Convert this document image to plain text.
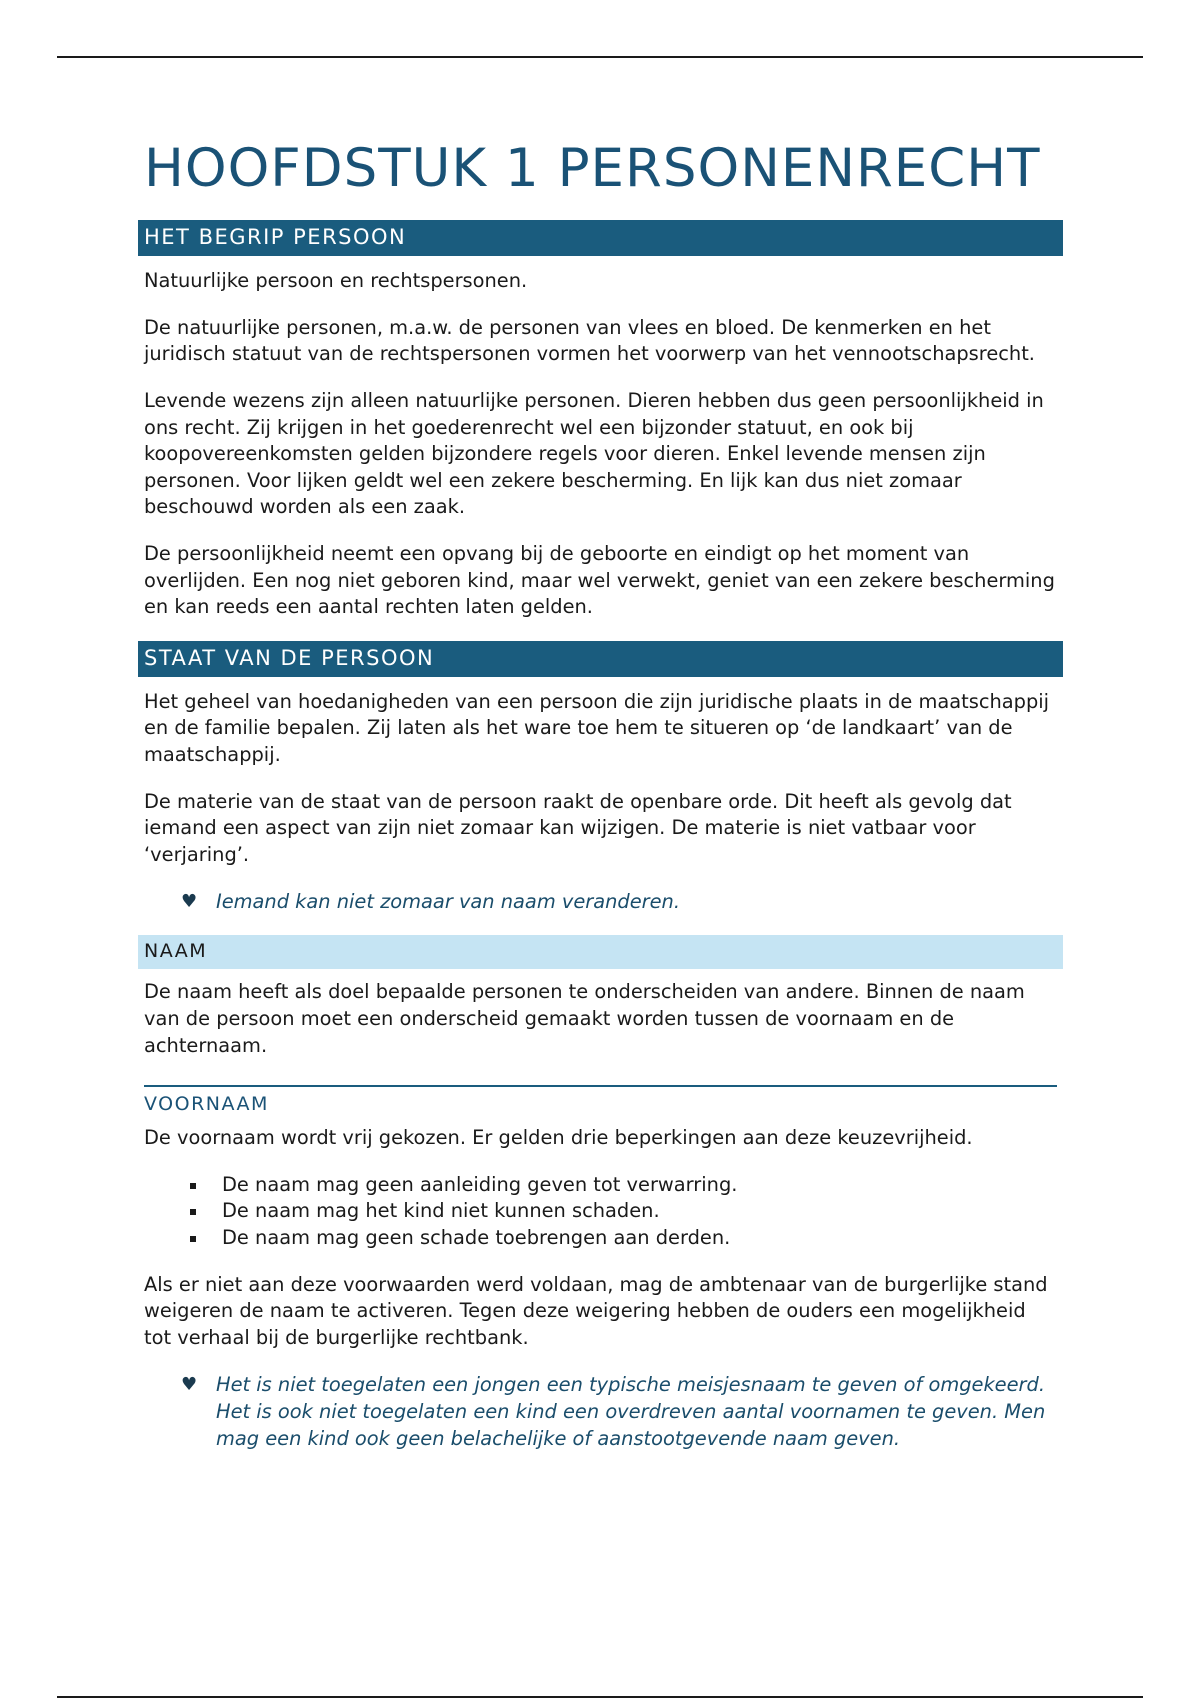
HOOFDSTUK 1 PERSONENRECHT
HET BEGRIP PERSOON

Natuurlijke persoon en rechtspersonen.

De natuurlijke personen, m.a.w. de personen van vlees en bloed. De kenmerken en het juridisch statuut van de rechtspersonen vormen het voorwerp van het vennootschapsrecht.

Levende wezens zijn alleen natuurlijke personen. Dieren hebben dus geen persoonlijkheid in ons recht. Zij krijgen in het goederenrecht wel een bijzonder statuut, en ook bij koopovereenkomsten gelden bijzondere regels voor dieren. Enkel levende mensen zijn personen. Voor lijken geldt wel een zekere bescherming. En lijk kan dus niet zomaar beschouwd worden als een zaak.

De persoonlijkheid neemt een opvang bij de geboorte en eindigt op het moment van overlijden. Een nog niet geboren kind, maar wel verwekt, geniet van een zekere bescherming en kan reeds een aantal rechten laten gelden.

STAAT VAN DE PERSOON

Het geheel van hoedanigheden van een persoon die zijn juridische plaats in de maatschappij en de familie bepalen. Zij laten als het ware toe hem te situeren op ‘de landkaart’ van de maatschappij.

De materie van de staat van de persoon raakt de openbare orde. Dit heeft als gevolg dat iemand een aspect van zijn niet zomaar kan wijzigen. De materie is niet vatbaar voor ‘verjaring’.

♥ Iemand kan niet zomaar van naam veranderen.
NAAM

De naam heeft als doel bepaalde personen te onderscheiden van andere. Binnen de naam van de persoon moet een onderscheid gemaakt worden tussen de voornaam en de achternaam.

VOORNAAM

De voornaam wordt vrij gekozen. Er gelden drie beperkingen aan deze keuzevrijheid.

De naam mag geen aanleiding geven tot verwarring.
De naam mag het kind niet kunnen schaden.
De naam mag geen schade toebrengen aan derden.

Als er niet aan deze voorwaarden werd voldaan, mag de ambtenaar van de burgerlijke stand weigeren de naam te activeren. Tegen deze weigering hebben de ouders een mogelijkheid tot verhaal bij de burgerlijke rechtbank.

♥ Het is niet toegelaten een jongen een typische meisjesnaam te geven of omgekeerd. Het is ook niet toegelaten een kind een overdreven aantal voornamen te geven. Men mag een kind ook geen belachelijke of aanstootgevende naam geven.
